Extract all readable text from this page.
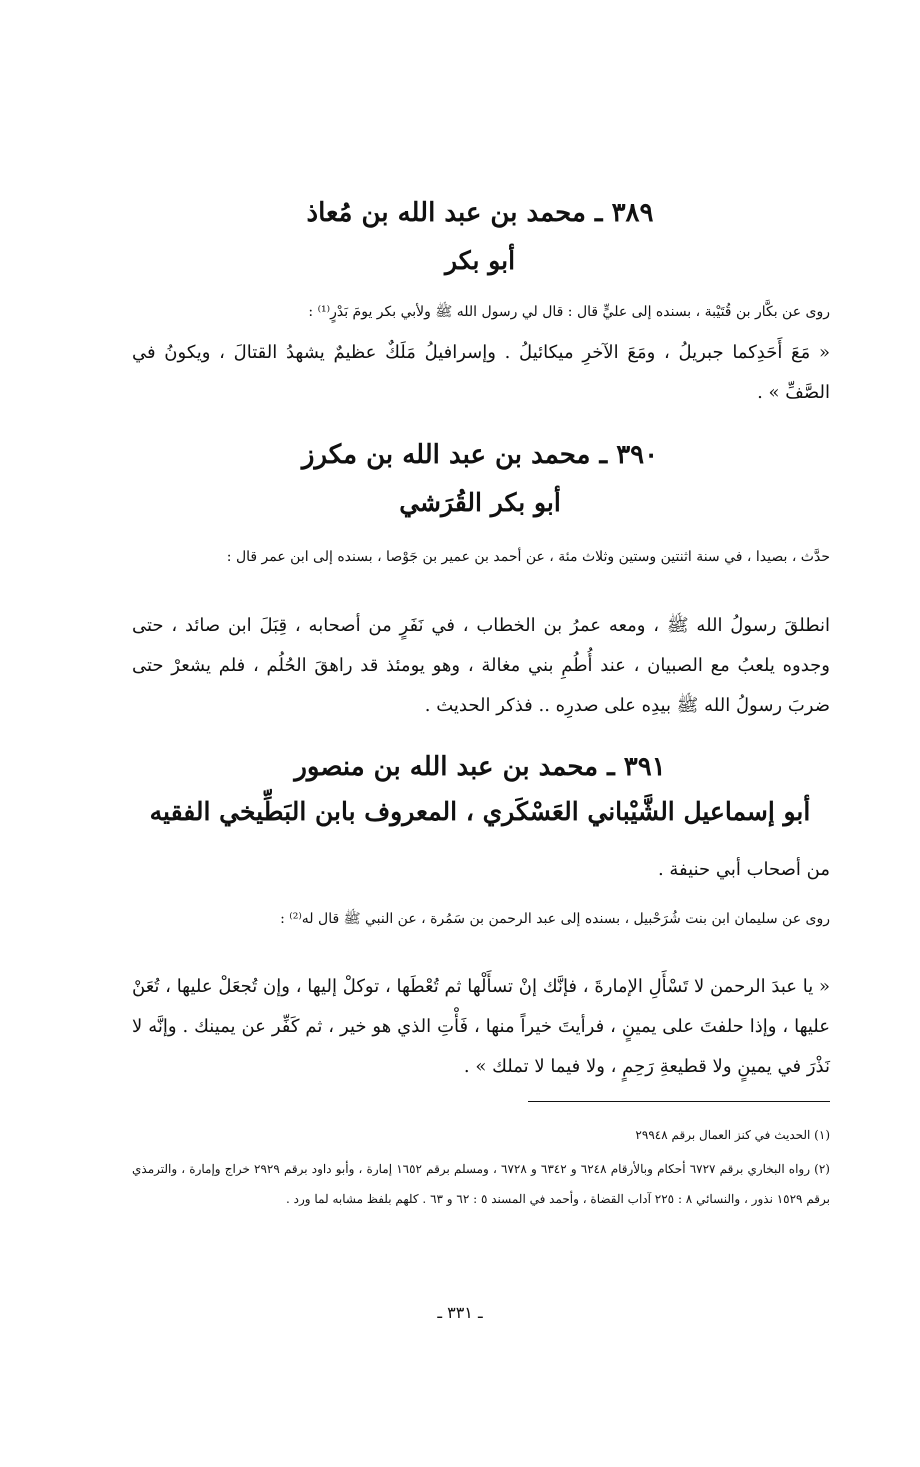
٣٨٩ ـ محمد بن عبد الله بن مُعاذ
أبو بكر

روى عن بكَّار بن قُتَيْبة ، بسنده إلى عليٍّ قال : قال لي رسول الله ﷺ ولأبي بكر يومَ بَدْرٍ⁽¹⁾ :

« مَعَ أَحَدِكما جبريلُ ، ومَعَ الآخرِ ميكائيلُ . وإسرافيلُ مَلَكٌ عظيمٌ يشهدُ القتالَ ، ويكونُ في الصَّفِّ » .

٣٩٠ ـ محمد بن عبد الله بن مكرز
أبو بكر القُرَشي

حدَّث ، بصيدا ، في سنة اثنتين وستين وثلاث مئة ، عن أحمد بن عمير بن جَوْصا ، بسنده إلى ابن عمر قال :

انطلقَ رسولُ الله ﷺ ، ومعه عمرُ بن الخطاب ، في نَفَرٍ من أصحابه ، قِبَلَ ابن صائد ، حتى وجدوه يلعبُ مع الصبيان ، عند أُطُمِ بني مغالة ، وهو يومئذ قد راهقَ الحُلُم ، فلم يشعرْ حتى ضربَ رسولُ الله ﷺ بيدِه على صدرِه .. فذكر الحديث .

٣٩١ ـ محمد بن عبد الله بن منصور
أبو إسماعيل الشَّيْباني العَسْكَري ، المعروف بابن البَطِّيخي الفقيه

من أصحاب أبي حنيفة .

روى عن سليمان ابن بنت شُرَحْبيل ، بسنده إلى عبد الرحمن بن سَمُرة ، عن النبي ﷺ قال له⁽²⁾ :

« يا عبدَ الرحمن لا تَسْأَلِ الإمارةَ ، فإنَّك إنْ تسأَلْها ثم تُعْطَها ، توكلْ إليها ، وإن تُجعَلْ عليها ، تُعَنْ عليها ، وإذا حلفتَ على يمينٍ ، فرأيتَ خيراً منها ، فَأْتِ الذي هو خير ، ثم كَفِّر عن يمينك . وإنَّه لا نَذْرَ في يمينٍ ولا قطيعةِ رَحِمٍ ، ولا فيما لا تملك » .

(١) الحديث في كنز العمال برقم ٢٩٩٤٨

(٢) رواه البخاري برقم ٦٧٢٧ أحكام وبالأرقام ٦٢٤٨ و ٦٣٤٢ و ٦٧٢٨ ، ومسلم برقم ١٦٥٢ إمارة ، وأبو داود برقم ٢٩٢٩ خراج وإمارة ، والترمذي برقم ١٥٢٩ نذور ، والنسائي ٨ : ٢٢٥ آداب القضاة ، وأحمد في المسند ٥ : ٦٢ و ٦٣ . كلهم بلفظ مشابه لما ورد .

ـ ٣٣١ ـ
